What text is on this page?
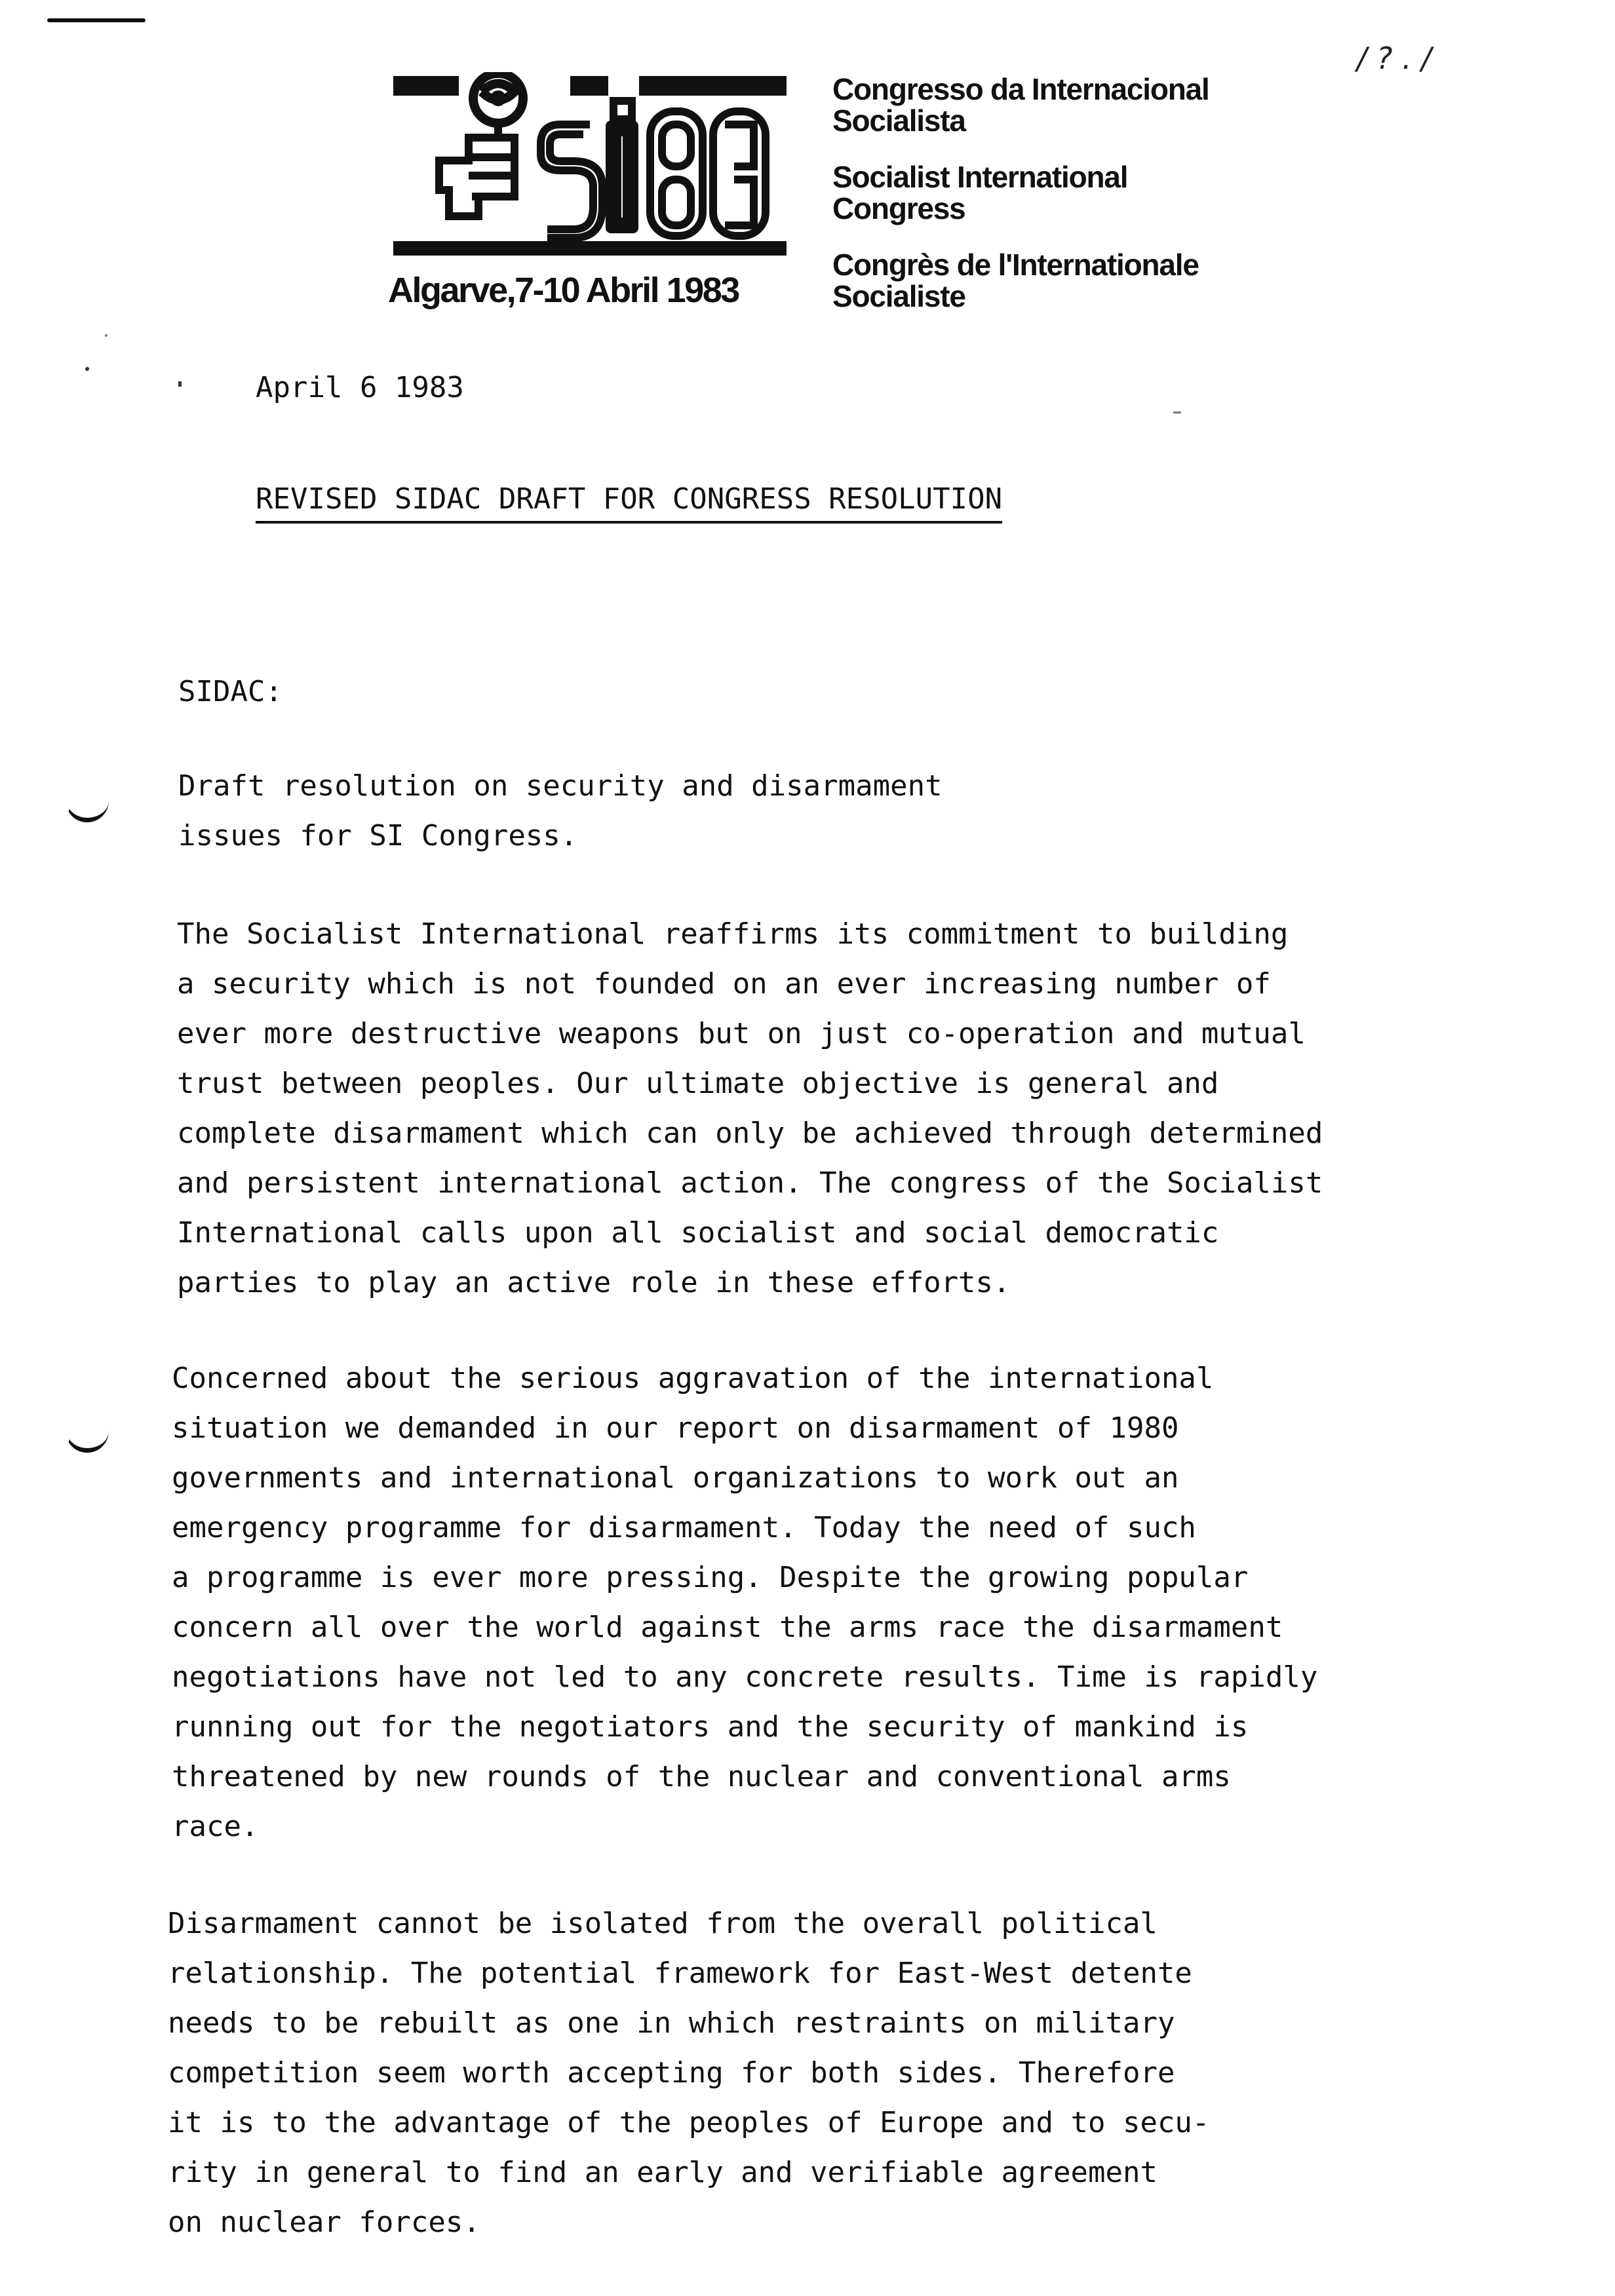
/ ? . /
Algarve,7-10 Abril 1983
Congresso da Internacional
Socialista
Socialist International
Congress
Congrès de l'Internationale
Socialiste
April 6 1983
REVISED SIDAC DRAFT FOR CONGRESS RESOLUTION
SIDAC:
Draft resolution on security and disarmament
issues for SI Congress.
The Socialist International reaffirms its commitment to building
a security which is not founded on an ever increasing number of
ever more destructive weapons but on just co-operation and mutual
trust between peoples. Our ultimate objective is general and
complete disarmament which can only be achieved through determined
and persistent international action. The congress of the Socialist
International calls upon all socialist and social democratic
parties to play an active role in these efforts.
Concerned about the serious aggravation of the international
situation we demanded in our report on disarmament of 1980
governments and international organizations to work out an
emergency programme for disarmament. Today the need of such
a programme is ever more pressing. Despite the growing popular
concern all over the world against the arms race the disarmament
negotiations have not led to any concrete results. Time is rapidly
running out for the negotiators and the security of mankind is
threatened by new rounds of the nuclear and conventional arms
race.
Disarmament cannot be isolated from the overall political
relationship. The potential framework for East-West detente
needs to be rebuilt as one in which restraints on military
competition seem worth accepting for both sides. Therefore
it is to the advantage of the peoples of Europe and to secu-
rity in general to find an early and verifiable agreement
on nuclear forces.
